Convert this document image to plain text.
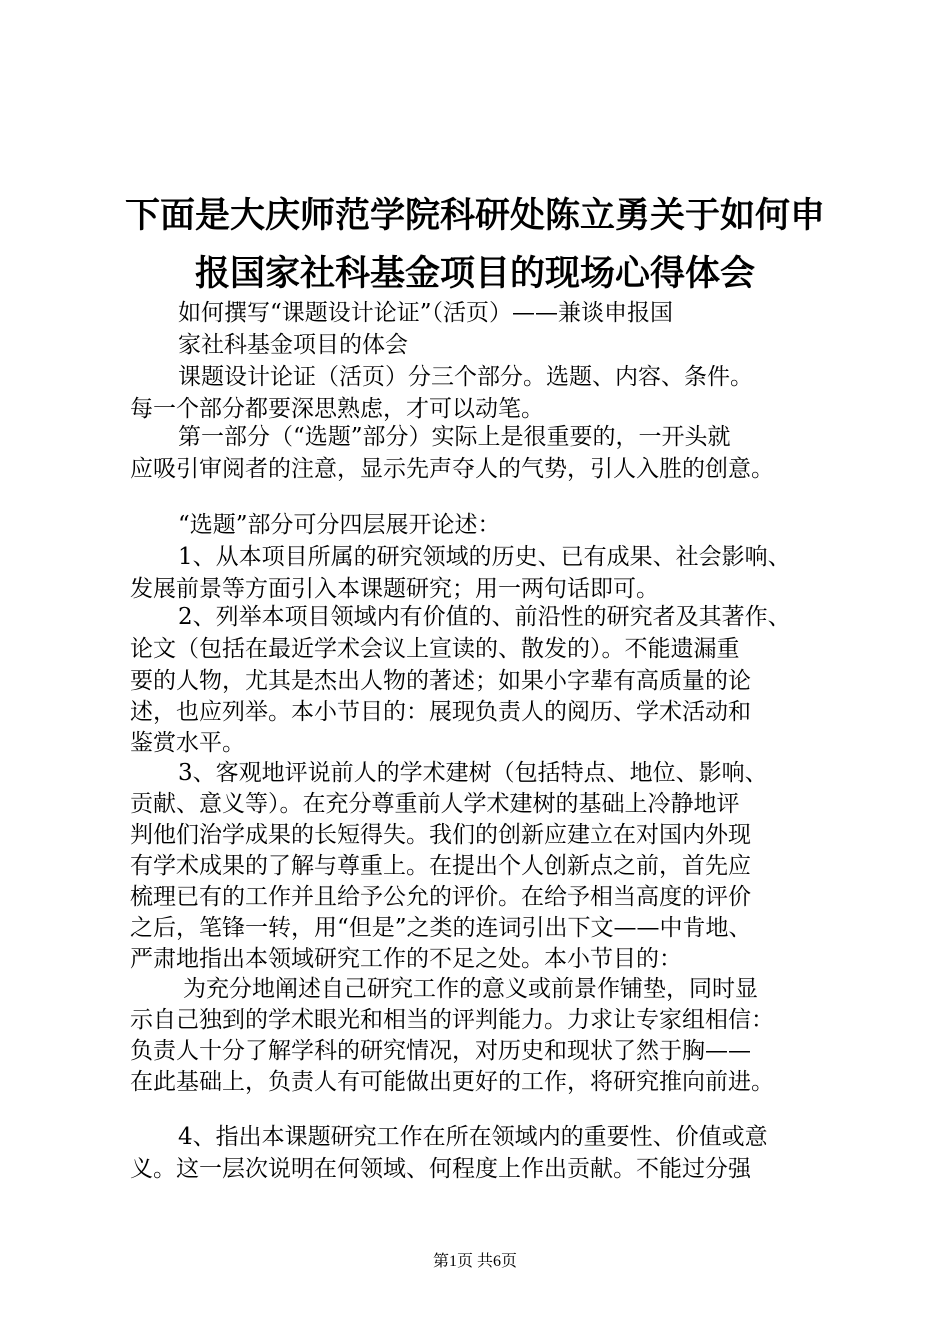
下面是大庆师范学院科研处陈立勇关于如何申
报国家社科基金项目的现场心得体会
如何撰写“课题设计论证”（活页）——兼谈申报国
家社科基金项目的体会
课题设计论证（活页）分三个部分。选题、内容、条件。
每一个部分都要深思熟虑，才可以动笔。
第一部分（“选题”部分）实际上是很重要的，一开头就
应吸引审阅者的注意，显示先声夺人的气势，引人入胜的创意。
“选题”部分可分四层展开论述：
1、从本项目所属的研究领域的历史、已有成果、社会影响、
发展前景等方面引入本课题研究；用一两句话即可。
2、列举本项目领域内有价值的、前沿性的研究者及其著作、
论文（包括在最近学术会议上宣读的、散发的）。不能遗漏重
要的人物，尤其是杰出人物的著述；如果小字辈有高质量的论
述，也应列举。本小节目的：展现负责人的阅历、学术活动和
鉴赏水平。
3、客观地评说前人的学术建树（包括特点、地位、影响、
贡献、意义等）。在充分尊重前人学术建树的基础上冷静地评
判他们治学成果的长短得失。我们的创新应建立在对国内外现
有学术成果的了解与尊重上。在提出个人创新点之前，首先应
梳理已有的工作并且给予公允的评价。在给予相当高度的评价
之后，笔锋一转，用“但是”之类的连词引出下文——中肯地、
严肃地指出本领域研究工作的不足之处。本小节目的：
为充分地阐述自己研究工作的意义或前景作铺垫，同时显
示自己独到的学术眼光和相当的评判能力。力求让专家组相信：
负责人十分了解学科的研究情况，对历史和现状了然于胸——
在此基础上，负责人有可能做出更好的工作，将研究推向前进。
4、指出本课题研究工作在所在领域内的重要性、价值或意
义。这一层次说明在何领域、何程度上作出贡献。不能过分强
第1页 共6页
